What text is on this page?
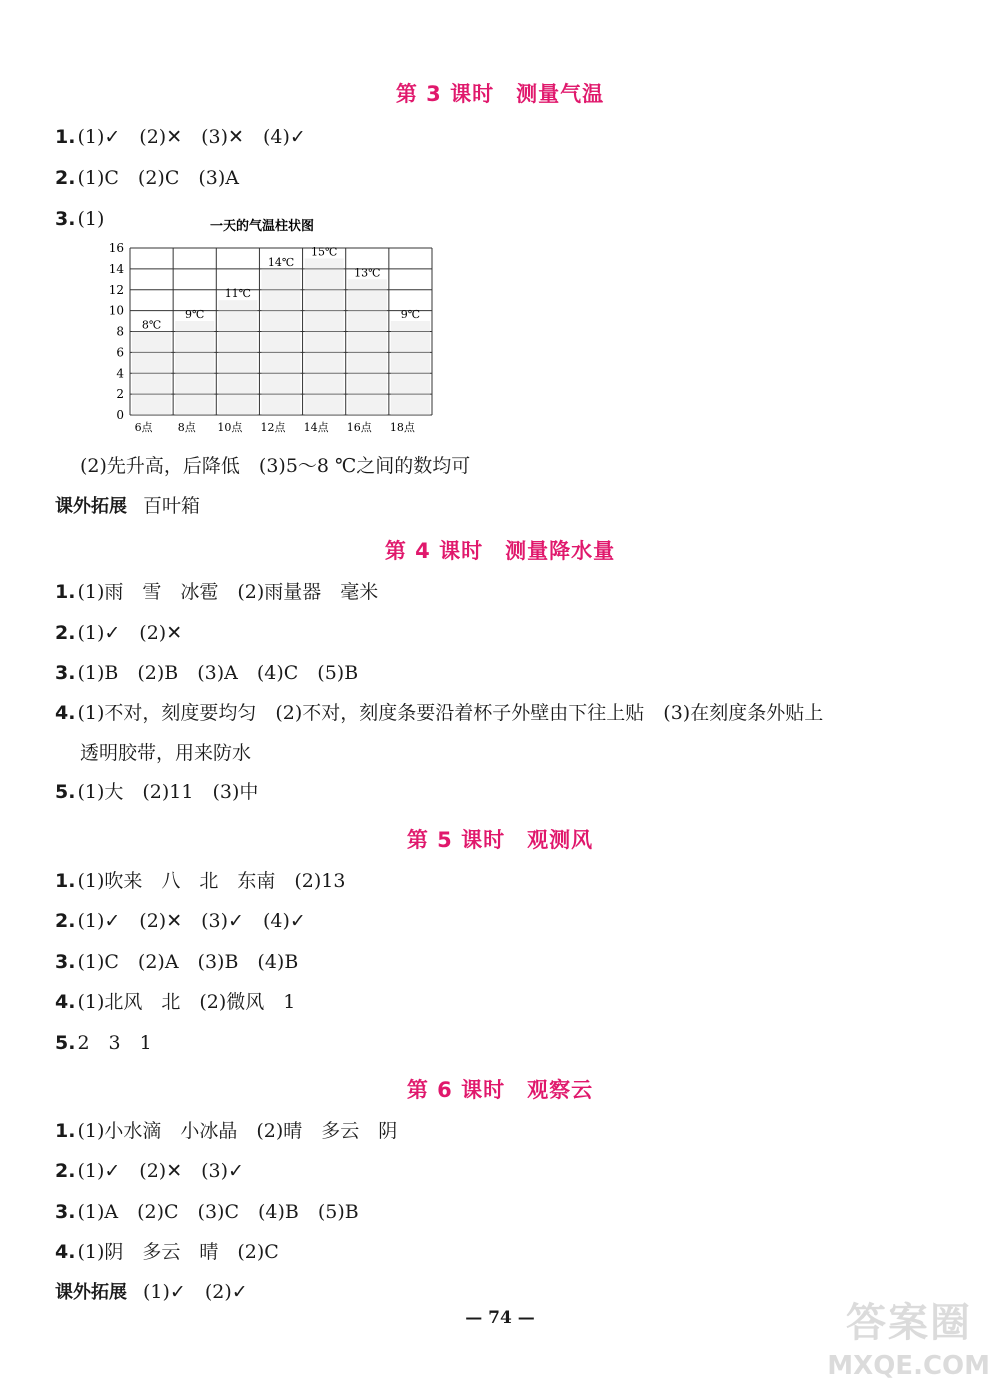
第 3 课时　测量气温
1. (1)✓　(2)✕　(3)✕　(4)✓
2. (1)C　(2)C　(3)A
3. (1)	一天的气温柱状图
0
2
4
6
8
10
12
14
16
6点 8点 10点 12点 14点 16点 18点
8℃
9℃
11℃
14℃
15℃
13℃
9℃
(2)先升高，后降低　(3)5～8 ℃之间的数均可
课外拓展 百叶箱
第 4 课时　测量降水量
1. (1)雨　雪　冰雹　(2)雨量器　毫米
2. (1)✓　(2)✕
3. (1)B　(2)B　(3)A　(4)C　(5)B
4. (1)不对，刻度要均匀　(2)不对，刻度条要沿着杯子外壁由下往上贴　(3)在刻度条外贴上
透明胶带，用来防水
5. (1)大　(2)11　(3)中
第 5 课时　观测风
1. (1)吹来　八　北　东南　(2)13
2. (1)✓　(2)✕　(3)✓　(4)✓
3. (1)C　(2)A　(3)B　(4)B
4. (1)北风　北　(2)微风　1
5. 2　3　1
第 6 课时　观察云
1. (1)小水滴　小冰晶　(2)晴　多云　阴
2. (1)✓　(2)✕　(3)✓
3. (1)A　(2)C　(3)C　(4)B　(5)B
4. (1)阴　多云　晴　(2)C
课外拓展 (1)✓　(2)✓
— 74 —	答案圈
MXQE.COM
